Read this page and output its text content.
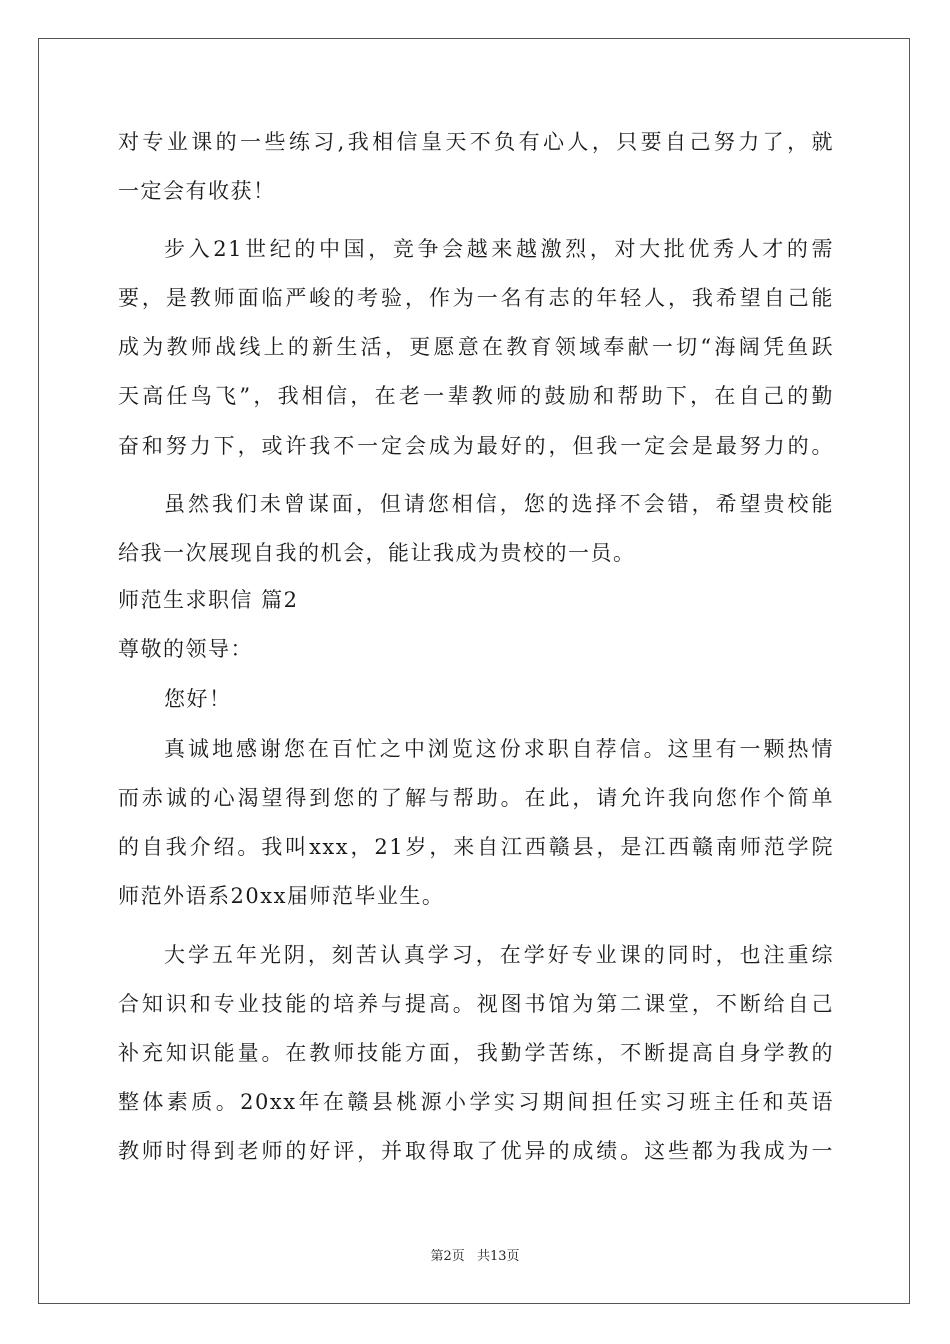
对专业课的一些练习,我相信皇天不负有心人，只要自己努力了，就
一定会有收获！
步入21世纪的中国，竞争会越来越激烈，对大批优秀人才的需
要，是教师面临严峻的考验，作为一名有志的年轻人，我希望自己能
成为教师战线上的新生活，更愿意在教育领域奉献一切“海阔凭鱼跃
天高任鸟飞”，我相信，在老一辈教师的鼓励和帮助下，在自己的勤
奋和努力下，或许我不一定会成为最好的，但我一定会是最努力的。
虽然我们未曾谋面，但请您相信，您的选择不会错，希望贵校能
给我一次展现自我的机会，能让我成为贵校的一员。
师范生求职信 篇2
尊敬的领导：
您好！
真诚地感谢您在百忙之中浏览这份求职自荐信。这里有一颗热情
而赤诚的心渴望得到您的了解与帮助。在此，请允许我向您作个简单
的自我介绍。我叫xxx，21岁，来自江西赣县，是江西赣南师范学院
师范外语系20xx届师范毕业生。
大学五年光阴，刻苦认真学习，在学好专业课的同时，也注重综
合知识和专业技能的培养与提高。视图书馆为第二课堂，不断给自己
补充知识能量。在教师技能方面，我勤学苦练，不断提高自身学教的
整体素质。20xx年在赣县桃源小学实习期间担任实习班主任和英语
教师时得到老师的好评，并取得取了优异的成绩。这些都为我成为一
第2页 共13页
